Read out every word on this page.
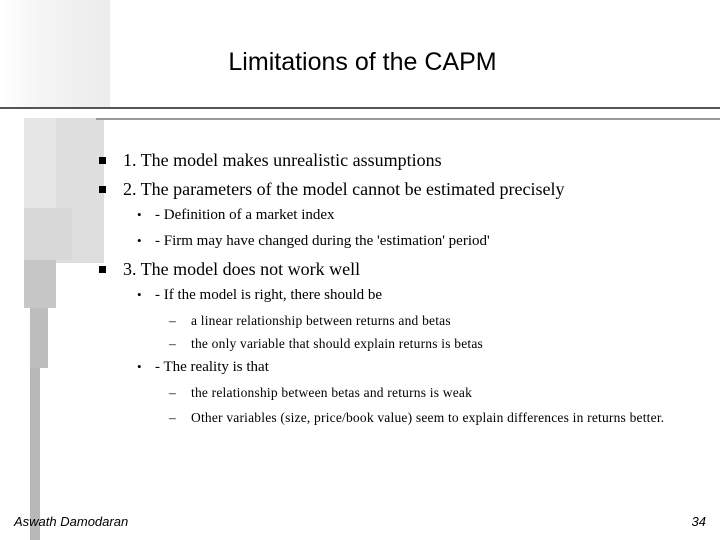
Limitations of the CAPM
1. The model makes unrealistic assumptions
2. The parameters of the model cannot be estimated precisely
• - Definition of a market index
• - Firm may have changed during the 'estimation' period'
3. The model does not work well
• - If the model is right, there should be
– a linear relationship between returns and betas
– the only variable that should explain returns is betas
• - The reality is that
– the relationship between betas and returns is weak
– Other variables (size, price/book value) seem to explain differences in returns better.
Aswath Damodaran	34
